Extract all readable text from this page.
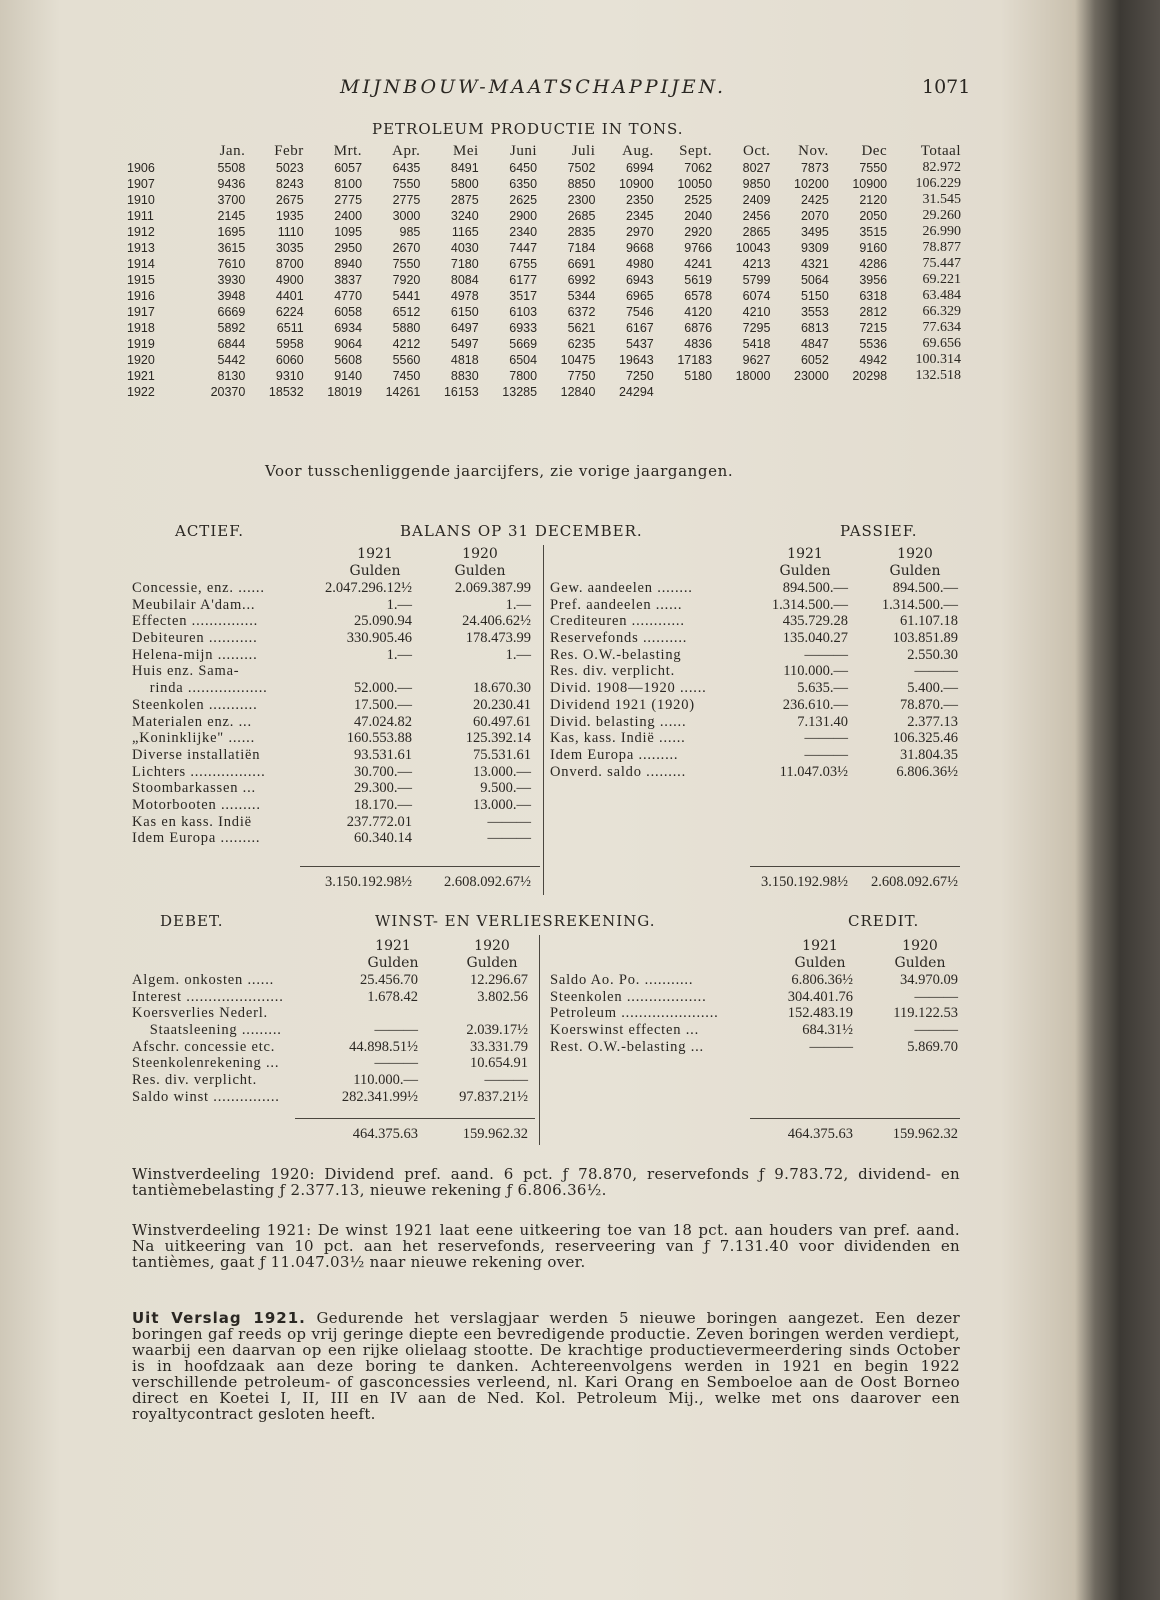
MIJNBOUW-MAATSCHAPPIJEN.	1071
PETROLEUM PRODUCTIE IN TONS.
	Jan.	Febr	Mrt.	Apr.	Mei	Juni	Juli	Aug.	Sept.	Oct.	Nov.	Dec	Totaal
1906	5508	5023	6057	6435	8491	6450	7502	6994	7062	8027	7873	7550	82.972
1907	9436	8243	8100	7550	5800	6350	8850	10900	10050	9850	10200	10900	106.229
1910	3700	2675	2775	2775	2875	2625	2300	2350	2525	2409	2425	2120	31.545
1911	2145	1935	2400	3000	3240	2900	2685	2345	2040	2456	2070	2050	29.260
1912	1695	1110	1095	985	1165	2340	2835	2970	2920	2865	3495	3515	26.990
1913	3615	3035	2950	2670	4030	7447	7184	9668	9766	10043	9309	9160	78.877
1914	7610	8700	8940	7550	7180	6755	6691	4980	4241	4213	4321	4286	75.447
1915	3930	4900	3837	7920	8084	6177	6992	6943	5619	5799	5064	3956	69.221
1916	3948	4401	4770	5441	4978	3517	5344	6965	6578	6074	5150	6318	63.484
1917	6669	6224	6058	6512	6150	6103	6372	7546	4120	4210	3553	2812	66.329
1918	5892	6511	6934	5880	6497	6933	5621	6167	6876	7295	6813	7215	77.634
1919	6844	5958	9064	4212	5497	5669	6235	5437	4836	5418	4847	5536	69.656
1920	5442	6060	5608	5560	4818	6504	10475	19643	17183	9627	6052	4942	100.314
1921	8130	9310	9140	7450	8830	7800	7750	7250	5180	18000	23000	20298	132.518
1922	20370	18532	18019	14261	16153	13285	12840	24294					
Voor tusschenliggende jaarcijfers, zie vorige jaargangen.
ACTIEF.	BALANS OP 31 DECEMBER.	PASSIEF.
1921	1920
Gulden	Gulden
1921	1920
Gulden	Gulden
Concessie, enz. ......	2.047.296.12½	2.069.387.99
Meubilair A'dam...	1.—	1.—
Effecten ...............	25.090.94	24.406.62½
Debiteuren ...........	330.905.46	178.473.99
Helena-mijn .........	1.—	1.—
Huis enz. Sama-
rinda ..................	52.000.—	18.670.30
Steenkolen ...........	17.500.—	20.230.41
Materialen enz. ...	47.024.82	60.497.61
„Koninklijke" ......	160.553.88	125.392.14
Diverse installatiën	93.531.61	75.531.61
Lichters .................	30.700.—	13.000.—
Stoombarkassen ...	29.300.—	9.500.—
Motorbooten .........	18.170.—	13.000.—
Kas en kass. Indië	237.772.01	———
Idem Europa .........	60.340.14	———
Gew. aandeelen ........	894.500.—	894.500.—
Pref. aandeelen ......	1.314.500.—	1.314.500.—
Crediteuren ............	435.729.28	61.107.18
Reservefonds ..........	135.040.27	103.851.89
Res. O.W.-belasting	———	2.550.30
Res. div. verplicht.	110.000.—	———
Divid. 1908—1920 ......	5.635.—	5.400.—
Dividend 1921 (1920)	236.610.—	78.870.—
Divid. belasting ......	7.131.40	2.377.13
Kas, kass. Indië ......	———	106.325.46
Idem Europa .........	———	31.804.35
Onverd. saldo .........	11.047.03½	6.806.36½
3.150.192.98½	2.608.092.67½	3.150.192.98½	2.608.092.67½
DEBET.	WINST- EN VERLIESREKENING.	CREDIT.
1921	1920
Gulden	Gulden
1921	1920
Gulden	Gulden
Algem. onkosten ......	25.456.70	12.296.67
Interest ......................	1.678.42	3.802.56
Koersverlies Nederl.
Staatsleening .........	———	2.039.17½
Afschr. concessie etc.	44.898.51½	33.331.79
Steenkolenrekening ...	———	10.654.91
Res. div. verplicht.	110.000.—	———
Saldo winst ...............	282.341.99½	97.837.21½
Saldo Ao. Po. ...........	6.806.36½	34.970.09
Steenkolen ..................	304.401.76	———
Petroleum ......................	152.483.19	119.122.53
Koerswinst effecten ...	684.31½	———
Rest. O.W.-belasting ...	———	5.869.70
464.375.63	159.962.32	464.375.63	159.962.32
Winstverdeeling 1920: Dividend pref. aand. 6 pct. ƒ 78.870, reservefonds ƒ 9.783.72, dividend- en tantièmebelasting ƒ 2.377.13, nieuwe rekening ƒ 6.806.36½.
Winstverdeeling 1921: De winst 1921 laat eene uitkeering toe van 18 pct. aan houders van pref. aand. Na uitkeering van 10 pct. aan het reservefonds, reserveering van ƒ 7.131.40 voor dividenden en tantièmes, gaat ƒ 11.047.03½ naar nieuwe rekening over.
Uit Verslag 1921. Gedurende het verslagjaar werden 5 nieuwe boringen aangezet. Een dezer boringen gaf reeds op vrij geringe diepte een bevredigende productie. Zeven boringen werden verdiept, waarbij een daarvan op een rijke olielaag stootte. De krachtige productievermeerdering sinds October is in hoofdzaak aan deze boring te danken. Achtereenvolgens werden in 1921 en begin 1922 verschillende petroleum- of gasconcessies verleend, nl. Kari Orang en Semboeloe aan de Oost Borneo direct en Koetei I, II, III en IV aan de Ned. Kol. Petroleum Mij., welke met ons daarover een royaltycontract gesloten heeft.
